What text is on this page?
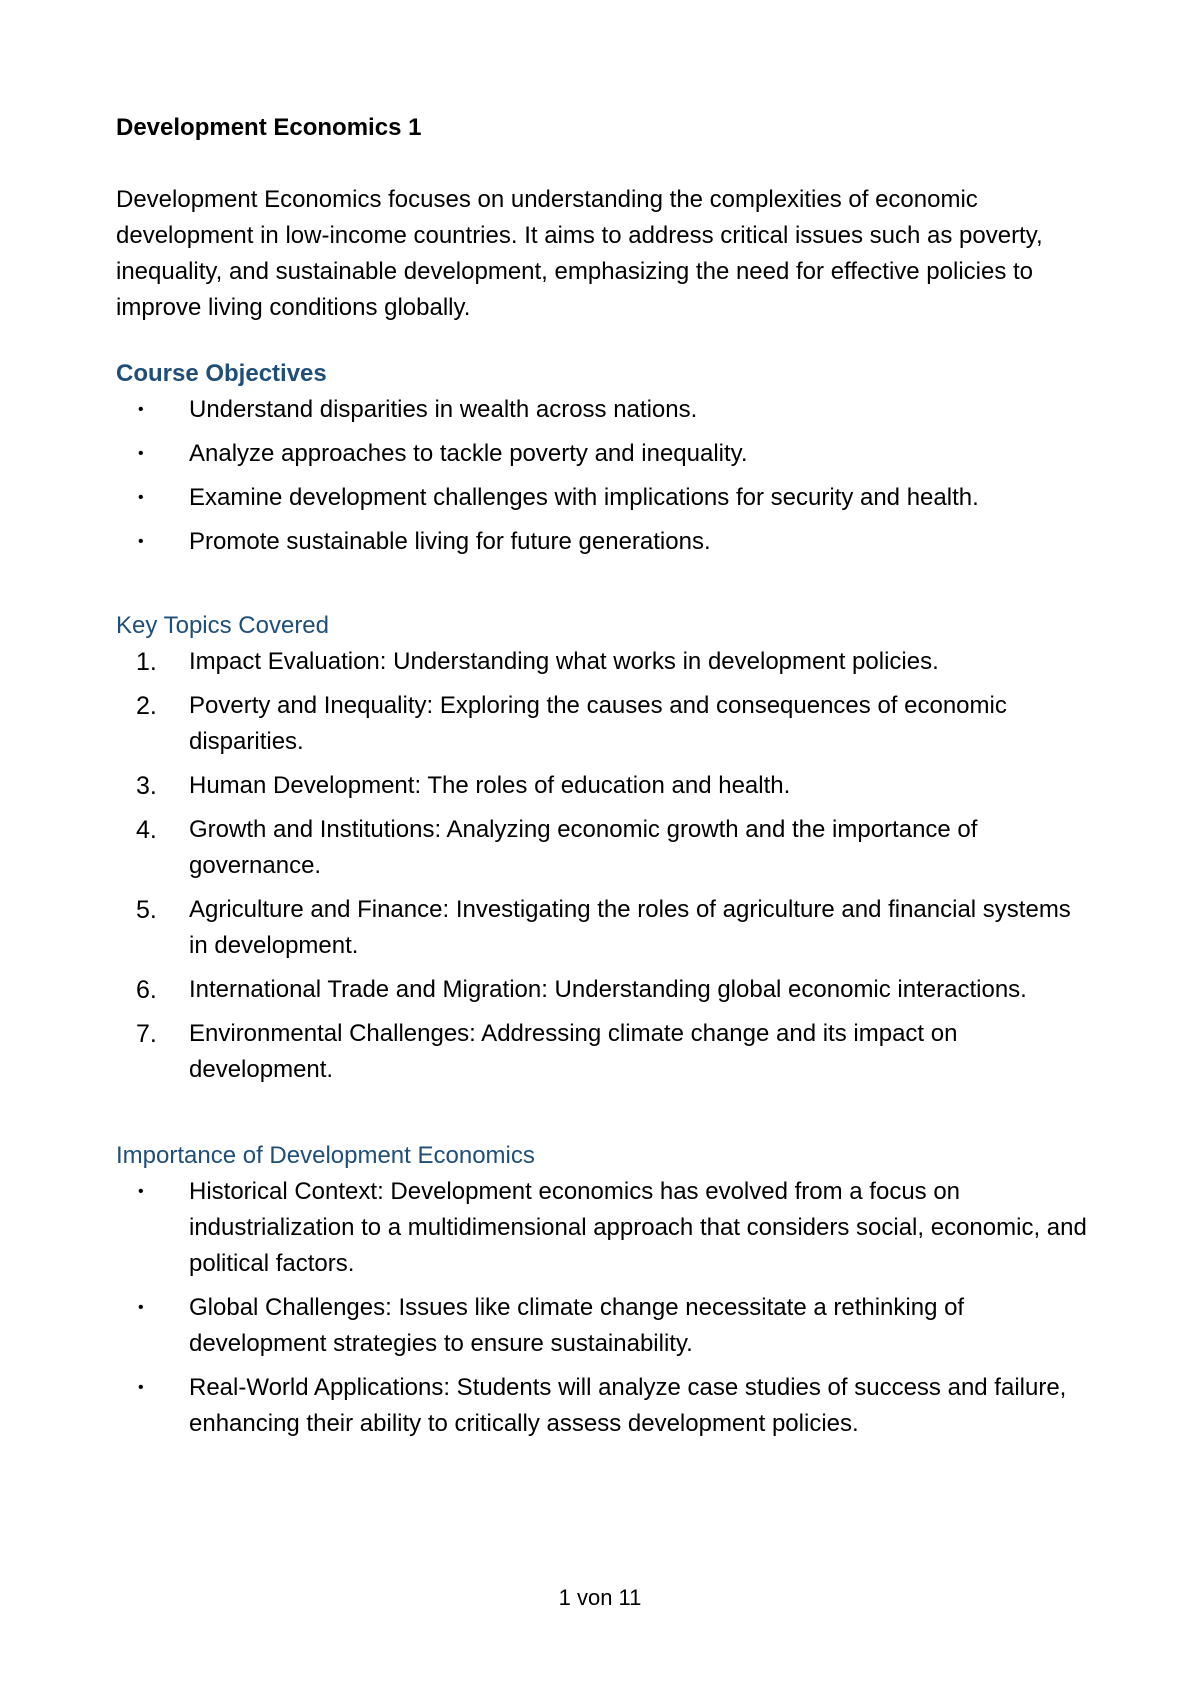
Development Economics 1

Development Economics focuses on understanding the complexities of economic development in low-income countries. It aims to address critical issues such as poverty, inequality, and sustainable development, emphasizing the need for effective policies to improve living conditions globally.

Course Objectives

• Understand disparities in wealth across nations.
• Analyze approaches to tackle poverty and inequality.
• Examine development challenges with implications for security and health.
• Promote sustainable living for future generations.

Key Topics Covered

1. Impact Evaluation: Understanding what works in development policies.
2. Poverty and Inequality: Exploring the causes and consequences of economic disparities.
3. Human Development: The roles of education and health.
4. Growth and Institutions: Analyzing economic growth and the importance of governance.
5. Agriculture and Finance: Investigating the roles of agriculture and financial systems in development.
6. International Trade and Migration: Understanding global economic interactions.
7. Environmental Challenges: Addressing climate change and its impact on development.

Importance of Development Economics

• Historical Context: Development economics has evolved from a focus on industrialization to a multidimensional approach that considers social, economic, and political factors.
• Global Challenges: Issues like climate change necessitate a rethinking of development strategies to ensure sustainability.
• Real-World Applications: Students will analyze case studies of success and failure, enhancing their ability to critically assess development policies.
1 von 11
